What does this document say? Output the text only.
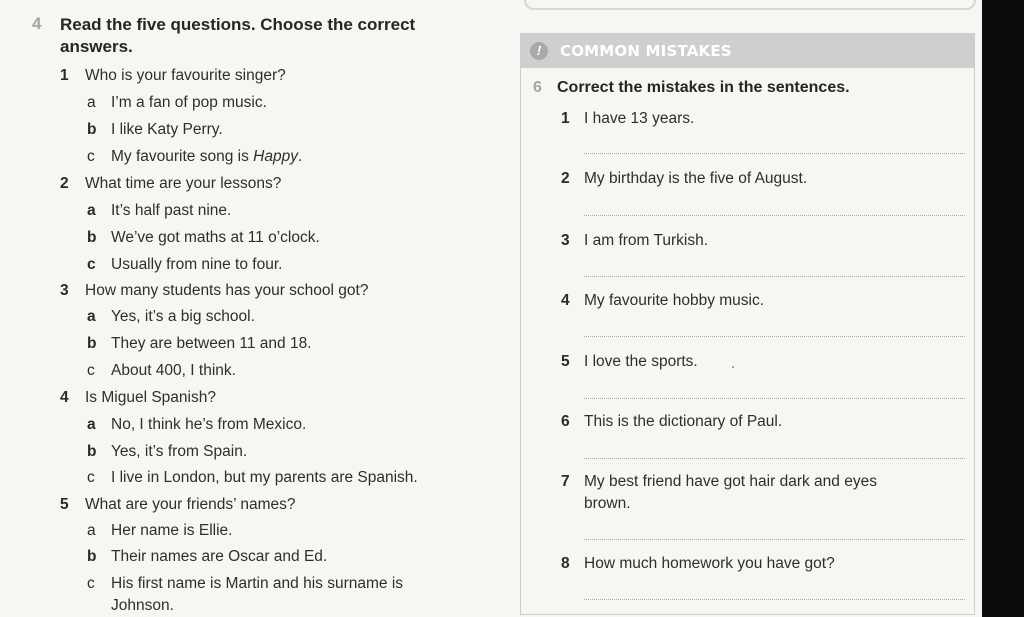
4 Read the five questions. Choose the correct answers.
1 Who is your favourite singer?
a I’m a fan of pop music.
b I like Katy Perry.
c My favourite song is Happy.
2 What time are your lessons?
a It’s half past nine.
b We’ve got maths at 11 o’clock.
c Usually from nine to four.
3 How many students has your school got?
a Yes, it’s a big school.
b They are between 11 and 18.
c About 400, I think.
4 Is Miguel Spanish?
a No, I think he’s from Mexico.
b Yes, it’s from Spain.
c I live in London, but my parents are Spanish.
5 What are your friends’ names?
a Her name is Ellie.
b Their names are Oscar and Ed.
c His first name is Martin and his surname is
Johnson.
!	COMMON MISTAKES
6 Correct the mistakes in the sentences.
1 I have 13 years.
2 My birthday is the five of August.
3 I am from Turkish.
4 My favourite hobby music.
5 I love the sports.
6 This is the dictionary of Paul.
7 My best friend have got hair dark and eyes
brown.
8 How much homework you have got?
